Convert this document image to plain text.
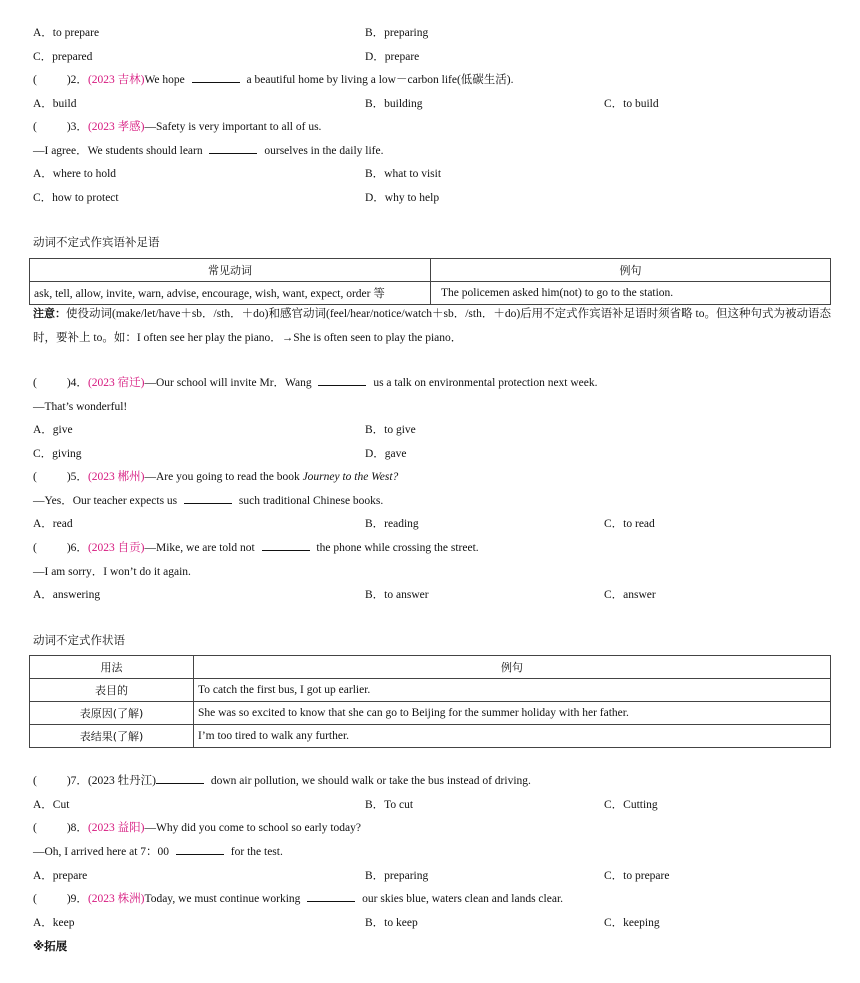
A．to prepare	B．preparing
C．prepared	D．prepare
(	)2．(2023 吉林)We hope	a beautiful home by living a low－carbon life(低碳生活).
A．build	B．building	C．to build
(	)3．(2023 孝感)—Safety is very important to all of us.
—I agree．We students should learn	ourselves in the daily life.
A．where to hold	B．what to visit
C．how to protect	D．why to help
动词不定式作宾语补足语
常见动词	例句
ask, tell, allow, invite, warn, advise, encourage, wish, want, expect, order 等	The policemen asked him(not) to go to the station.
注意：使役动词(make/let/have＋sb．/sth．＋do)和感官动词(feel/hear/notice/watch＋sb．/sth．＋do)后用不定式作宾语补足语时须省略 to。但这种句式为被动语态时，要补上 to。如：I often see her play the piano．→She is often seen to play the piano．
(	)4．(2023 宿迁)—Our school will invite Mr．Wang	us a talk on environmental protection next week.
—That’s wonderful!
A．give	B．to give
C．giving	D．gave
(	)5．(2023 郴州)—Are you going to read the book Journey to the West?
—Yes．Our teacher expects us	such traditional Chinese books.
A．read	B．reading	C．to read
(	)6．(2023 自贡)—Mike, we are told not	the phone while crossing the street.
—I am sorry．I won’t do it again.
A．answering	B．to answer	C．answer
动词不定式作状语
用法	例句
表目的	To catch the first bus, I got up earlier.
表原因(了解)	She was so excited to know that she can go to Beijing for the summer holiday with her father.
表结果(了解)	I’m too tired to walk any further.
(	)7．(2023 牡丹江)	down air pollution, we should walk or take the bus instead of driving.
A．Cut	B．To cut	C．Cutting
(	)8．(2023 益阳)—Why did you come to school so early today?
—Oh, I arrived here at 7：00	for the test.
A．prepare	B．preparing	C．to prepare
(	)9．(2023 株洲)Today, we must continue working	our skies blue, waters clean and lands clear.
A．keep	B．to keep	C．keeping
※拓展
